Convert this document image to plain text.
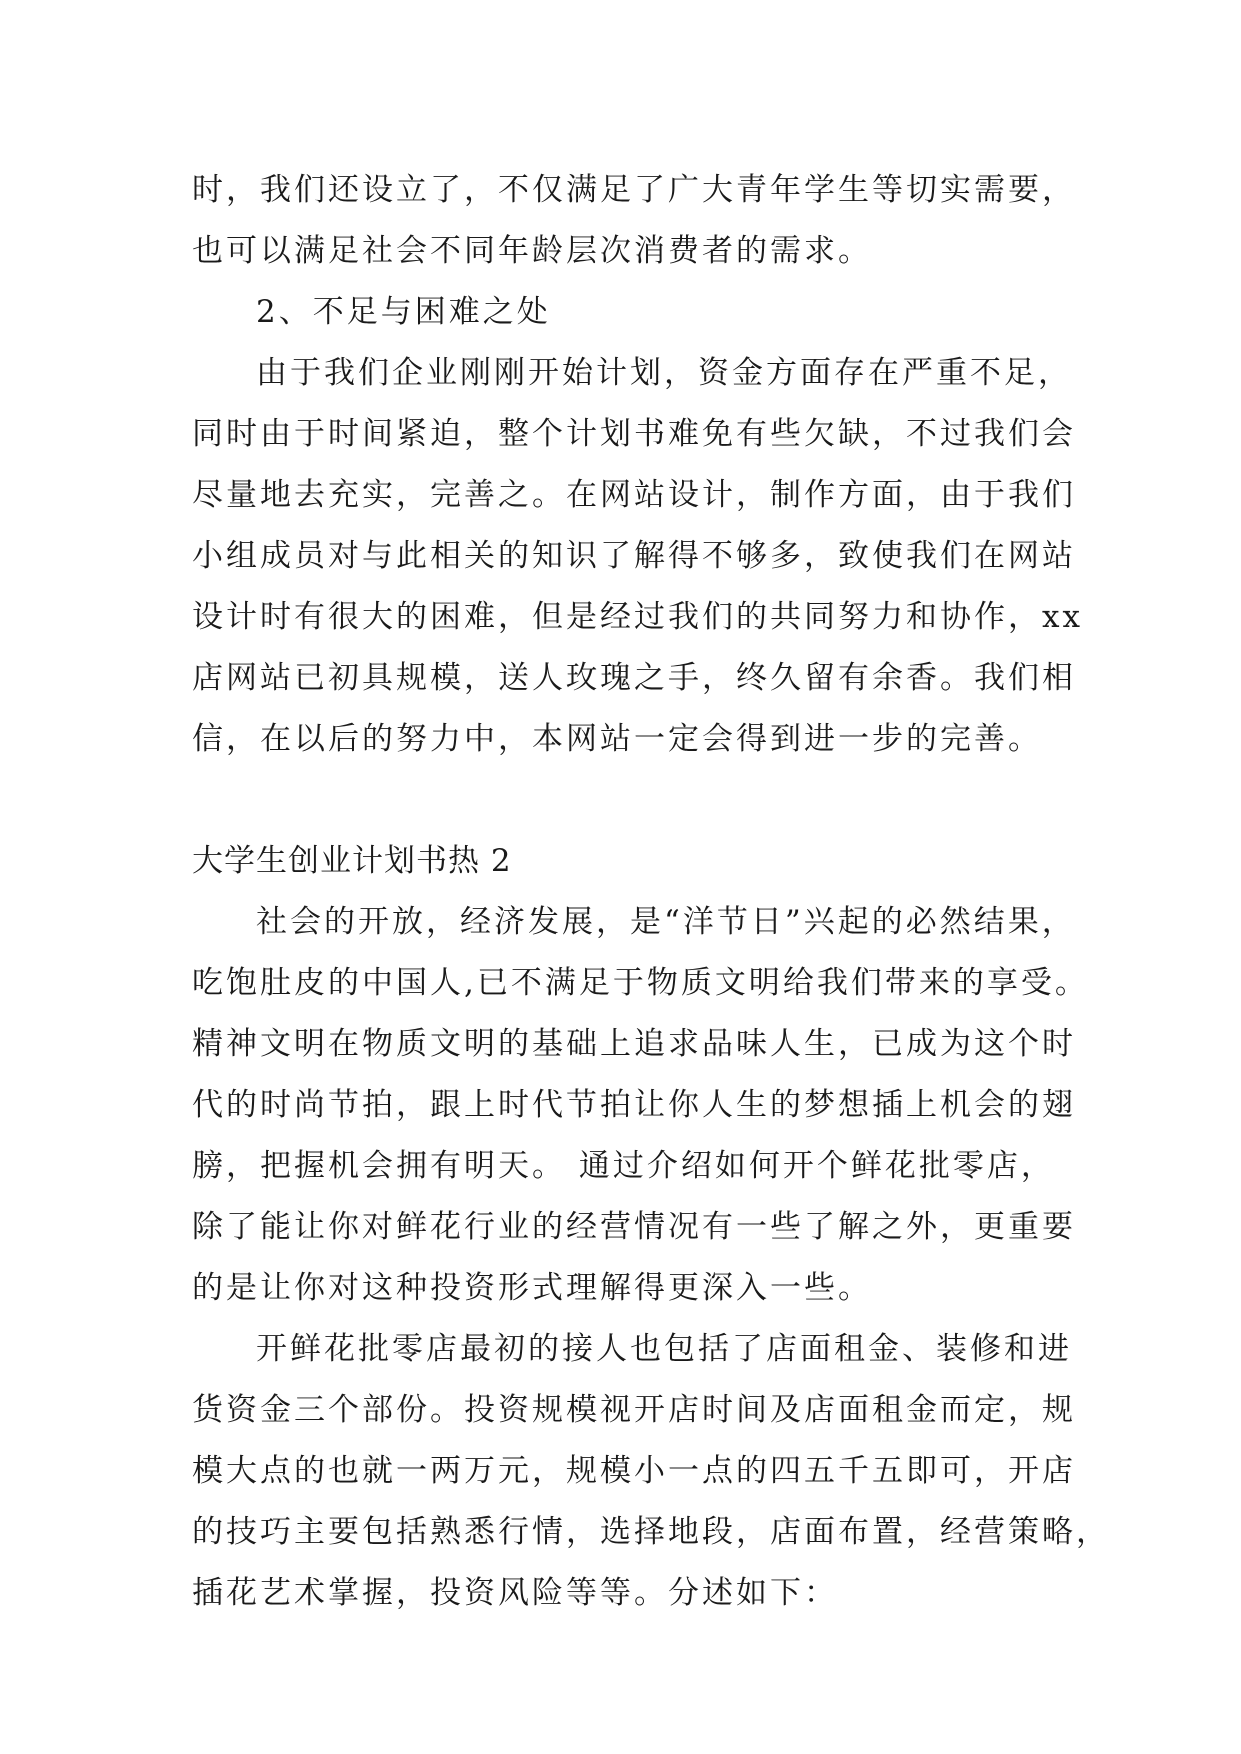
时，我们还设立了，不仅满足了广大青年学生等切实需要，
也可以满足社会不同年龄层次消费者的需求。
2、不足与困难之处
由于我们企业刚刚开始计划，资金方面存在严重不足，
同时由于时间紧迫，整个计划书难免有些欠缺，不过我们会
尽量地去充实，完善之。在网站设计，制作方面，由于我们
小组成员对与此相关的知识了解得不够多，致使我们在网站
设计时有很大的困难，但是经过我们的共同努力和协作，xx
店网站已初具规模，送人玫瑰之手，终久留有余香。我们相
信，在以后的努力中，本网站一定会得到进一步的完善。
大学生创业计划书热 2
社会的开放，经济发展，是“洋节日”兴起的必然结果，
吃饱肚皮的中国人,已不满足于物质文明给我们带来的享受。
精神文明在物质文明的基础上追求品味人生，已成为这个时
代的时尚节拍，跟上时代节拍让你人生的梦想插上机会的翅
膀，把握机会拥有明天。 通过介绍如何开个鲜花批零店，
除了能让你对鲜花行业的经营情况有一些了解之外，更重要
的是让你对这种投资形式理解得更深入一些。
开鲜花批零店最初的接人也包括了店面租金、装修和进
货资金三个部份。投资规模视开店时间及店面租金而定，规
模大点的也就一两万元，规模小一点的四五千五即可，开店
的技巧主要包括熟悉行情，选择地段，店面布置，经营策略，
插花艺术掌握，投资风险等等。分述如下：
